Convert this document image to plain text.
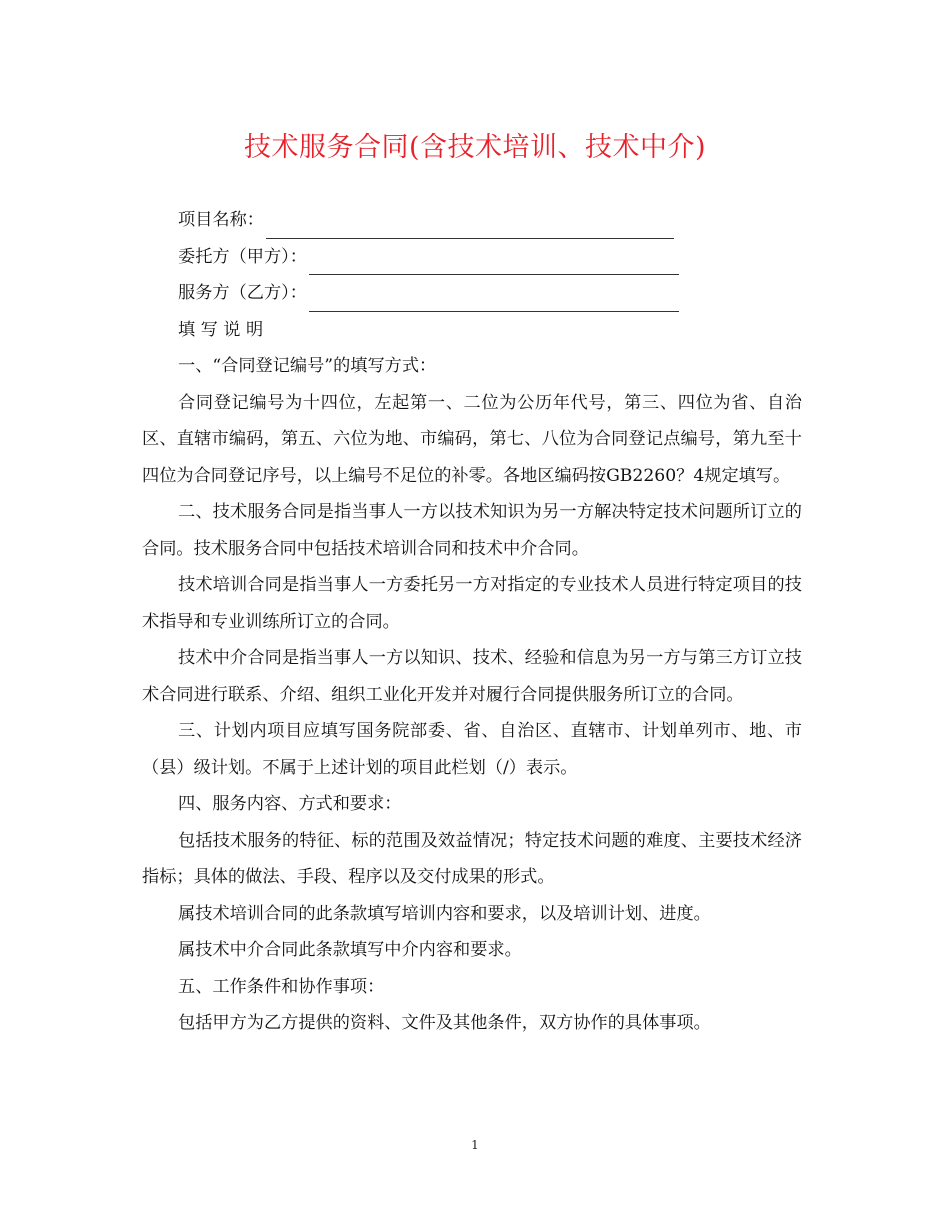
技术服务合同(含技术培训、技术中介)
项目名称：
委托方（甲方）：
服务方（乙方）：

填 写 说 明

一、“合同登记编号”的填写方式：

合同登记编号为十四位，左起第一、二位为公历年代号，第三、四位为省、自治区、直辖市编码，第五、六位为地、市编码，第七、八位为合同登记点编号，第九至十四位为合同登记序号，以上编号不足位的补零。各地区编码按GB2260？4规定填写。

二、技术服务合同是指当事人一方以技术知识为另一方解决特定技术问题所订立的合同。技术服务合同中包括技术培训合同和技术中介合同。

技术培训合同是指当事人一方委托另一方对指定的专业技术人员进行特定项目的技术指导和专业训练所订立的合同。

技术中介合同是指当事人一方以知识、技术、经验和信息为另一方与第三方订立技术合同进行联系、介绍、组织工业化开发并对履行合同提供服务所订立的合同。

三、计划内项目应填写国务院部委、省、自治区、直辖市、计划单列市、地、市（县）级计划。不属于上述计划的项目此栏划（/）表示。

四、服务内容、方式和要求：

包括技术服务的特征、标的范围及效益情况；特定技术问题的难度、主要技术经济指标；具体的做法、手段、程序以及交付成果的形式。

属技术培训合同的此条款填写培训内容和要求，以及培训计划、进度。

属技术中介合同此条款填写中介内容和要求。

五、工作条件和协作事项：

包括甲方为乙方提供的资料、文件及其他条件，双方协作的具体事项。

1
